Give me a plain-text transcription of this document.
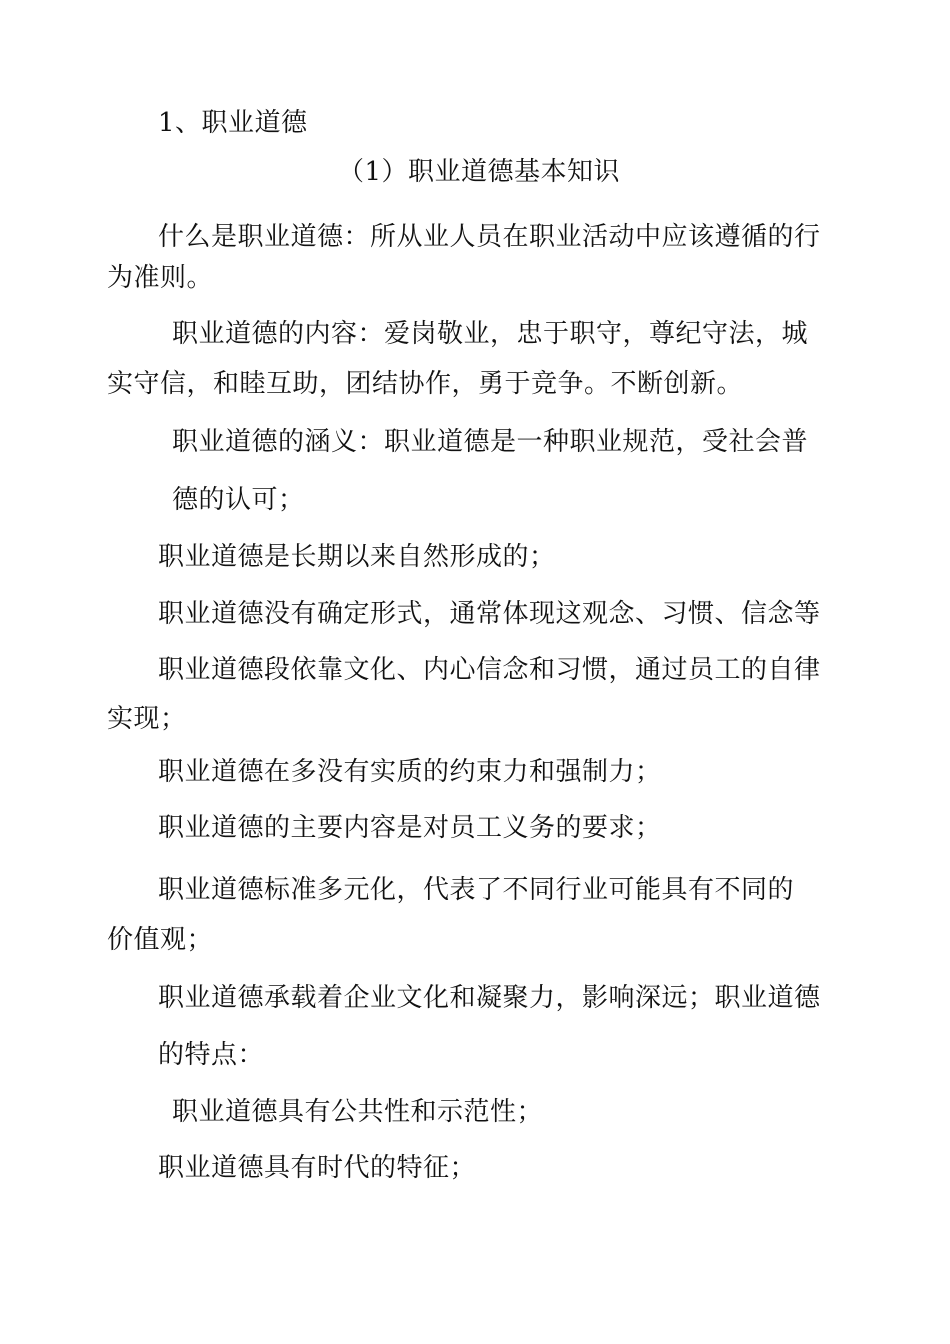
1、职业道德
（1）职业道德基本知识
什么是职业道德：所从业人员在职业活动中应该遵循的行
为准则。
职业道德的内容：爱岗敬业，忠于职守，尊纪守法，城
实守信，和睦互助，团结协作，勇于竞争。不断创新。
职业道德的涵义：职业道德是一种职业规范，受社会普
德的认可；
职业道德是长期以来自然形成的；
职业道德没有确定形式，通常体现这观念、习惯、信念等
职业道德段依靠文化、内心信念和习惯，通过员工的自律
实现；
职业道德在多没有实质的约束力和强制力；
职业道德的主要内容是对员工义务的要求；
职业道德标准多元化，代表了不同行业可能具有不同的
价值观；
职业道德承载着企业文化和凝聚力，影响深远；职业道德
的特点：
职业道德具有公共性和示范性；
职业道德具有时代的特征；
